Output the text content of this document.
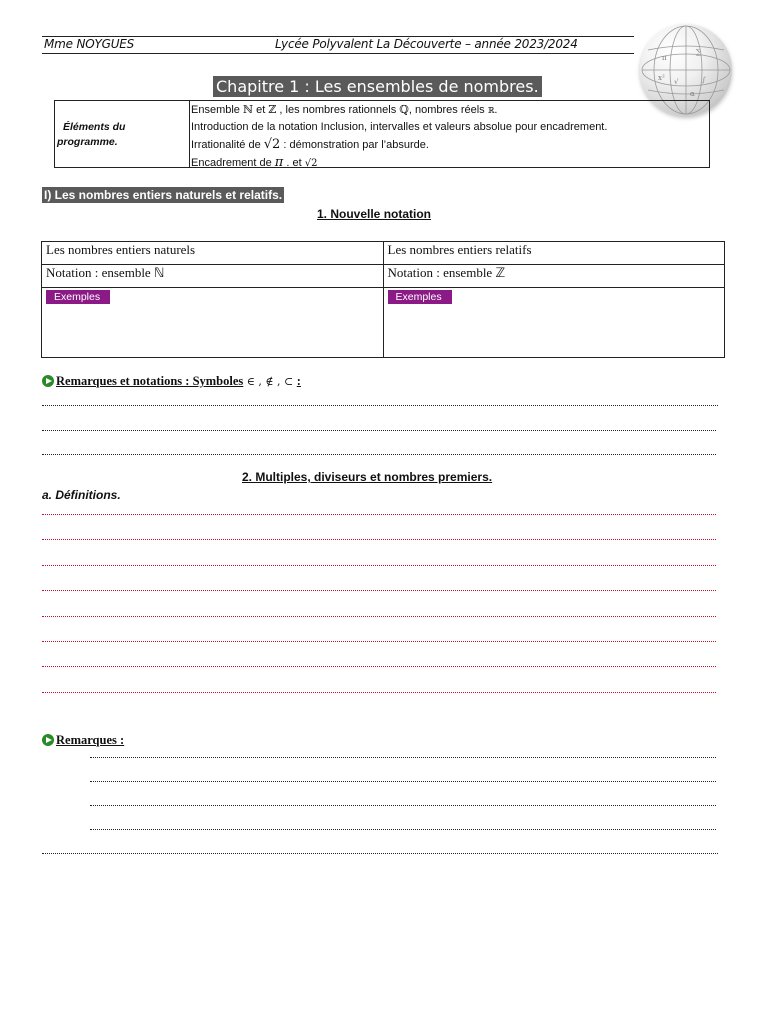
Mme NOYGUES	Lycée Polyvalent La Découverte – année 2023/2024
π
∑
√	∫
x²
α
Chapitre 1 : Les ensembles de nombres.
Éléments du
programme.
Ensemble ℕ et ℤ , les nombres rationnels ℚ, nombres réels ℝ.
Introduction de la notation Inclusion, intervalles et valeurs absolue pour encadrement.
Irrationalité de √2 : démonstration par l’absurde.
Encadrement de π . et √2
I) Les nombres entiers naturels et relatifs.
1. Nouvelle notation
Les nombres entiers naturels	Les nombres entiers relatifs
Notation : ensemble ℕ	Notation : ensemble ℤ
Exemples	Exemples
Remarques et notations : Symboles ∈ , ∉ , ⊂ :
2. Multiples, diviseurs et nombres premiers.
a. Définitions.
Remarques :
